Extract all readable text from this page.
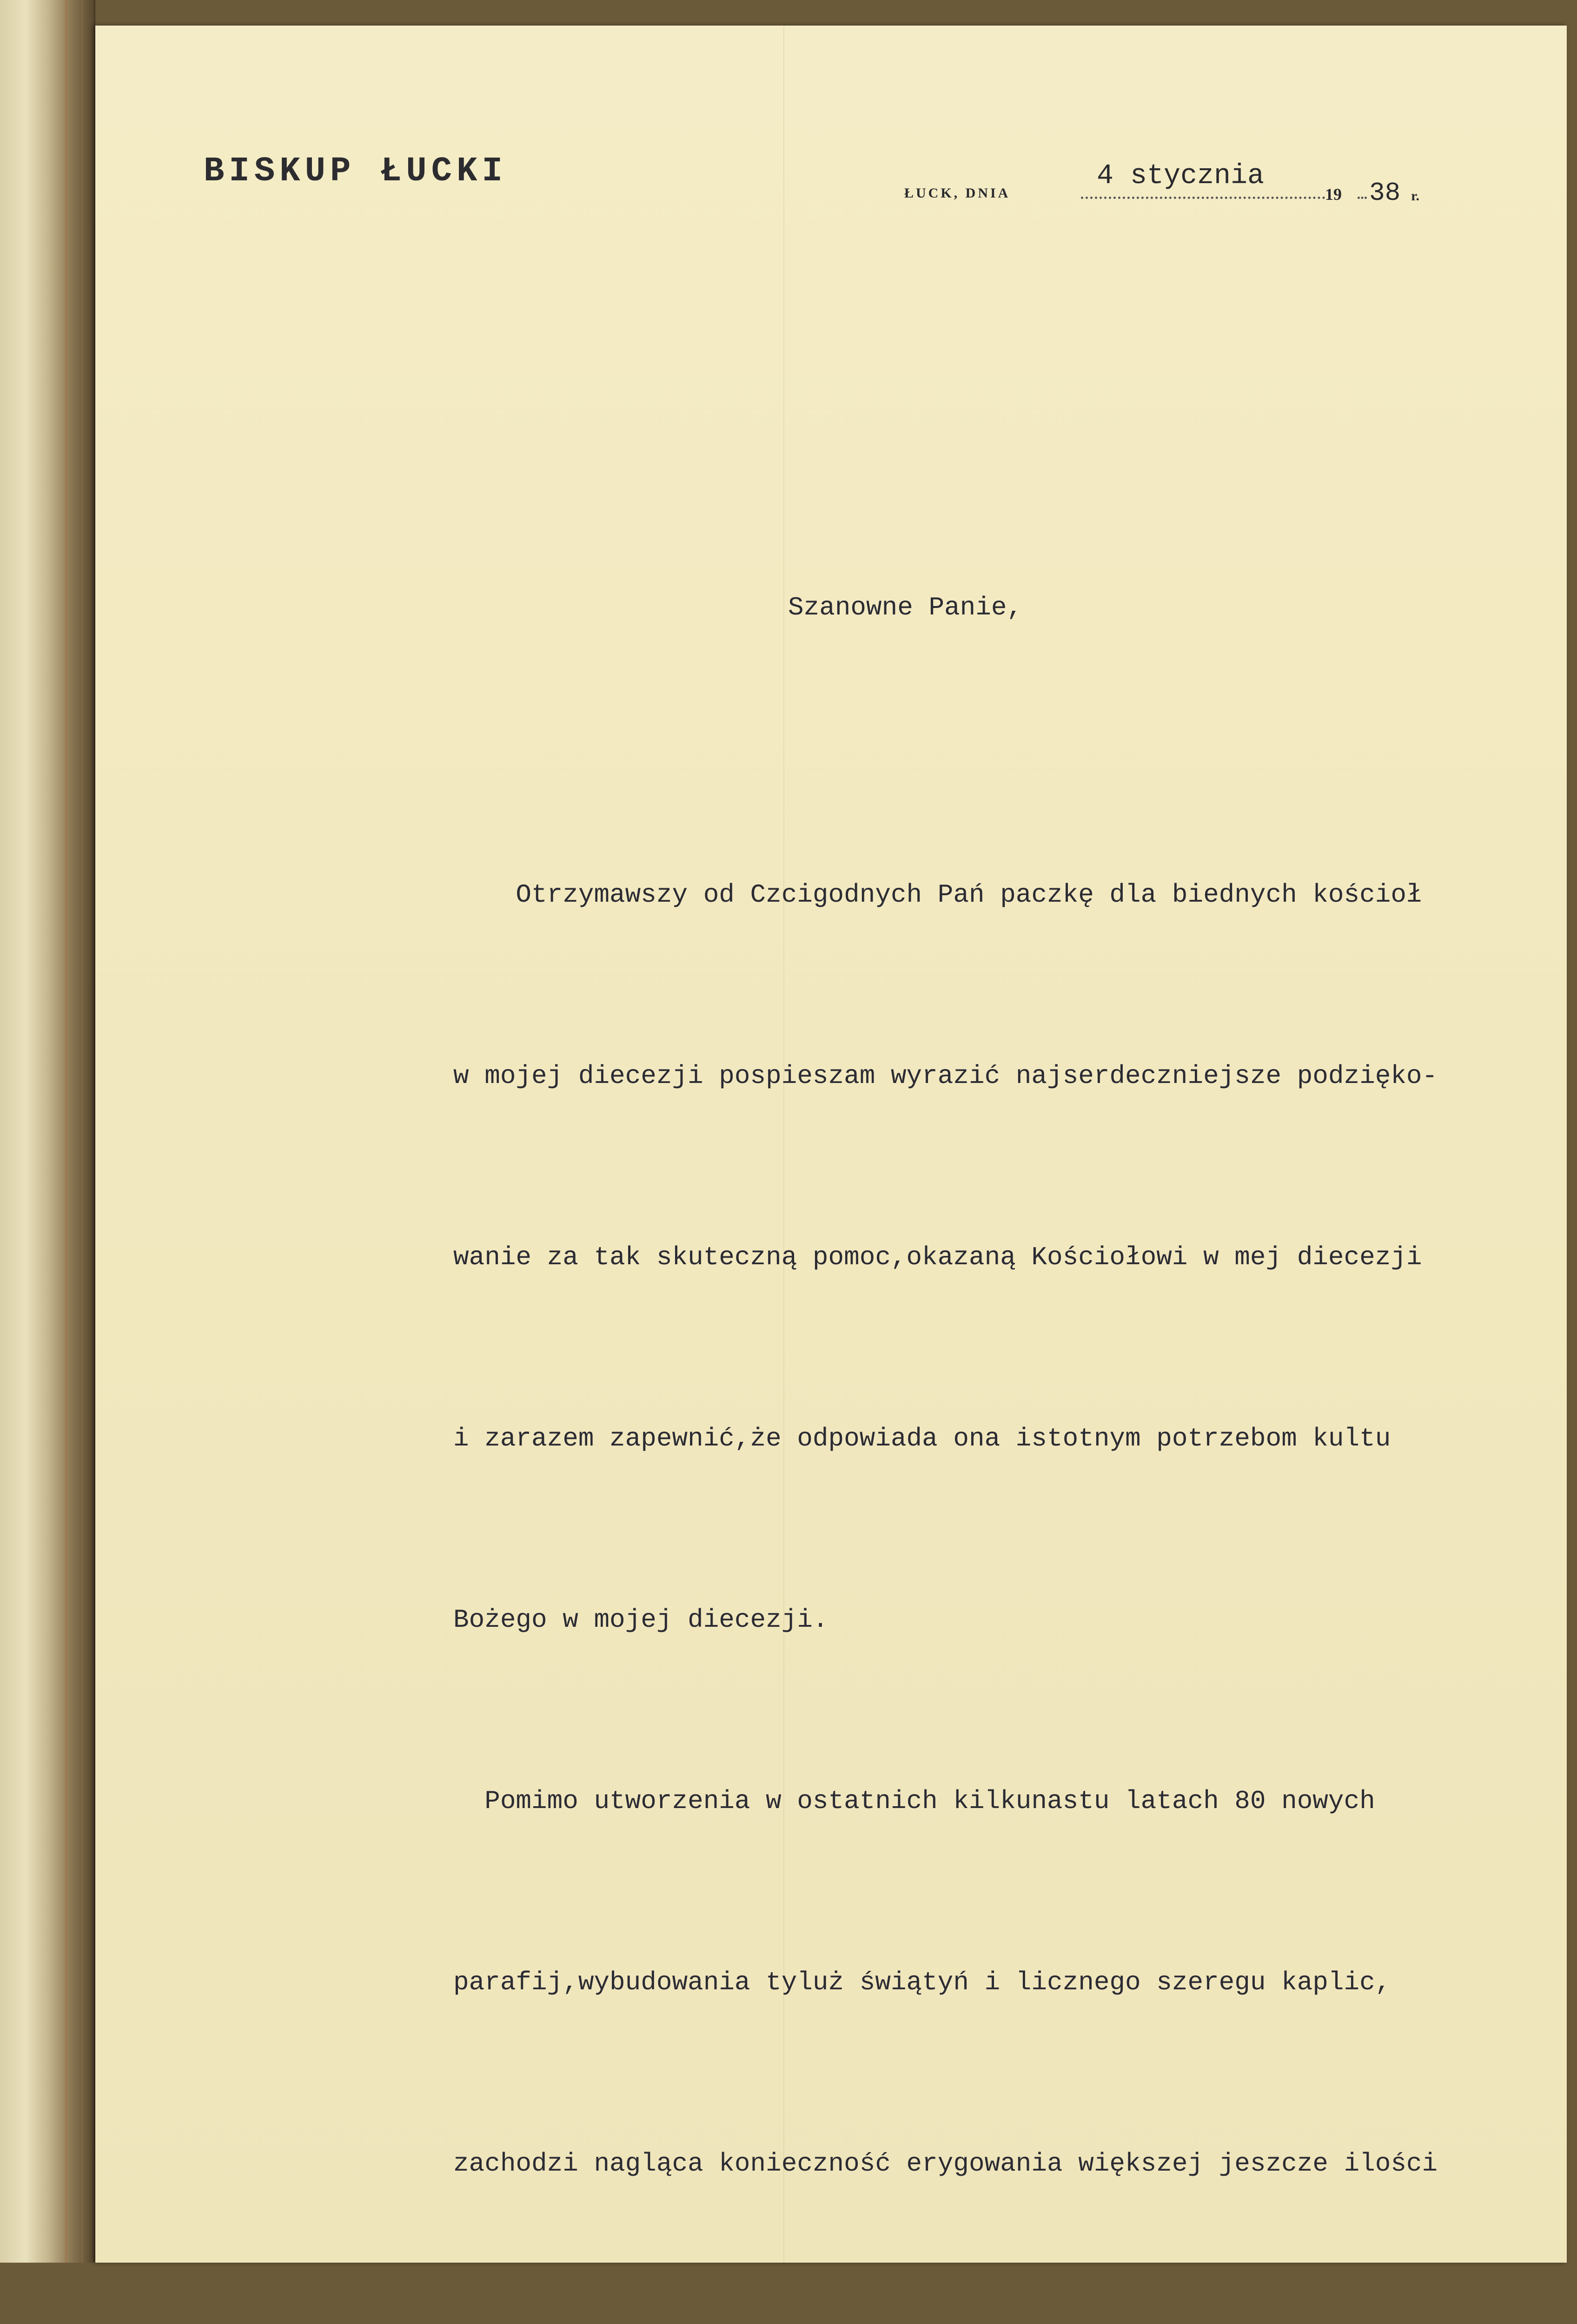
BISKUP ŁUCKI
ŁUCK, DNIA
4 stycznia
19 38 r.
Szanowne Panie,

Otrzymawszy od Czcigodnych Pań paczkę dla biednych kościoł

w mojej diecezji pospieszam wyrazić najserdeczniejsze podzięko-

wanie za tak skuteczną pomoc,okazaną Kościołowi w mej diecezji

i zarazem zapewnić,że odpowiada ona istotnym potrzebom kultu

Bożego w mojej diecezji.

Pomimo utworzenia w ostatnich kilkunastu latach 80 nowych

parafij,wybudowania tyluż świątyń i licznego szeregu kaplic,

zachodzi nagląca konieczność erygowania większej jeszcze ilości
